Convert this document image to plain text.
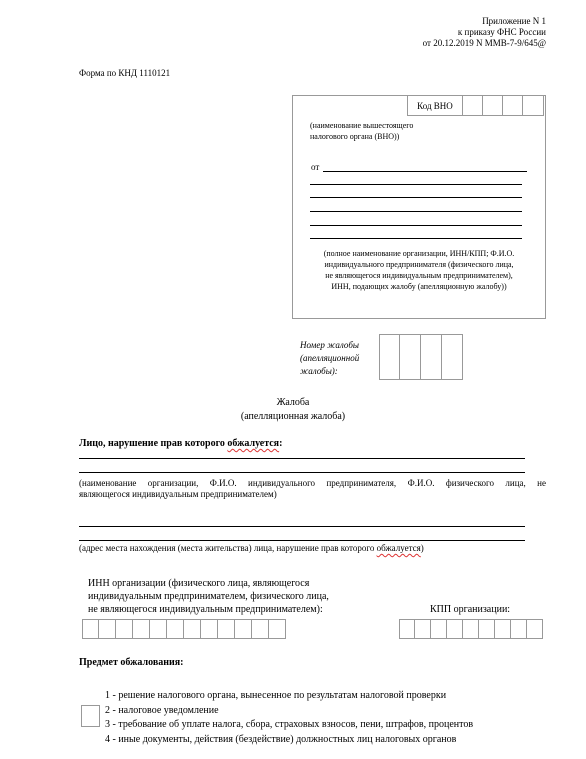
Приложение N 1
к приказу ФНС России
от 20.12.2019 N ММВ-7-9/645@
Форма по КНД 1110121
Код ВНО
(наименование вышестоящего
налогового органа (ВНО))
от
(полное наименование организации, ИНН/КПП; Ф.И.О.
индивидуального предпринимателя (физического лица,
не являющегося индивидуальным предпринимателем),
ИНН, подающих жалобу (апелляционную жалобу))
Номер жалобы
(апелляционной
жалобы):
Жалоба
(апелляционная жалоба)
Лицо, нарушение прав которого обжалуется:
(наименование организации, Ф.И.О. индивидуального предпринимателя, Ф.И.О. физического лица, не
являющегося индивидуальным предпринимателем)
(адрес места нахождения (места жительства) лица, нарушение прав которого обжалуется)
ИНН организации (физического лица, являющегося
индивидуальным предпринимателем, физического лица,
не являющегося индивидуальным предпринимателем):	КПП организации:
Предмет обжалования:
1 - решение налогового органа, вынесенное по результатам налоговой проверки
2 - налоговое уведомление
3 - требование об уплате налога, сбора, страховых взносов, пени, штрафов, процентов
4 - иные документы, действия (бездействие) должностных лиц налоговых органов
